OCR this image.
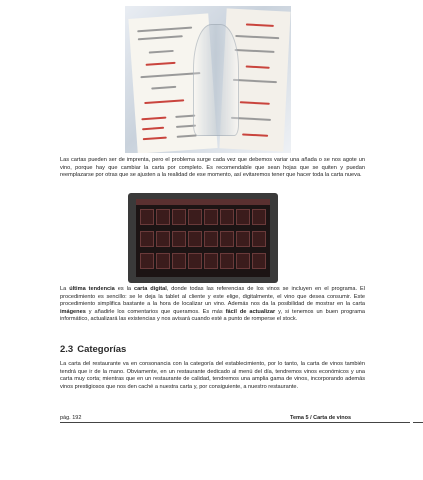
Las cartas pueden ser de imprenta, pero el problema surge cada vez que debemos variar una añada o se nos agote un vino, porque hay que cambiar la carta por completo. Es recomendable que sean hojas que se quiten y puedan reemplazarse por otras que se ajusten a la realidad de ese momento, así evitaremos tener que hacer toda la carta nueva.

La última tendencia es la carta digital, donde todas las referencias de los vinos se incluyen en el programa. El procedimiento es sencillo: se le deja la tablet al cliente y este elige, digitalmente, el vino que desea consumir. Este procedimiento simplifica bastante a la hora de localizar un vino. Además nos da la posibilidad de mostrar en la carta imágenes y añadirle los comentarios que queramos. Es más fácil de actualizar y, si tenemos un buen programa informático, actualizará las existencias y nos avisará cuando esté a punto de romperse el stock.

2.3 Categorías

La carta del restaurante va en consonancia con la categoría del establecimiento, por lo tanto, la carta de vinos también tendrá que ir de la mano. Obviamente, en un restaurante dedicado al menú del día, tendremos vinos económicos y una carta muy corta; mientras que en un restaurante de calidad, tendremos una amplia gama de vinos, incorporando además vinos prestigiosos que nos den caché a nuestra carta y, por consiguiente, a nuestro restaurante.

pág. 192	Tema 5 / Carta de vinos
